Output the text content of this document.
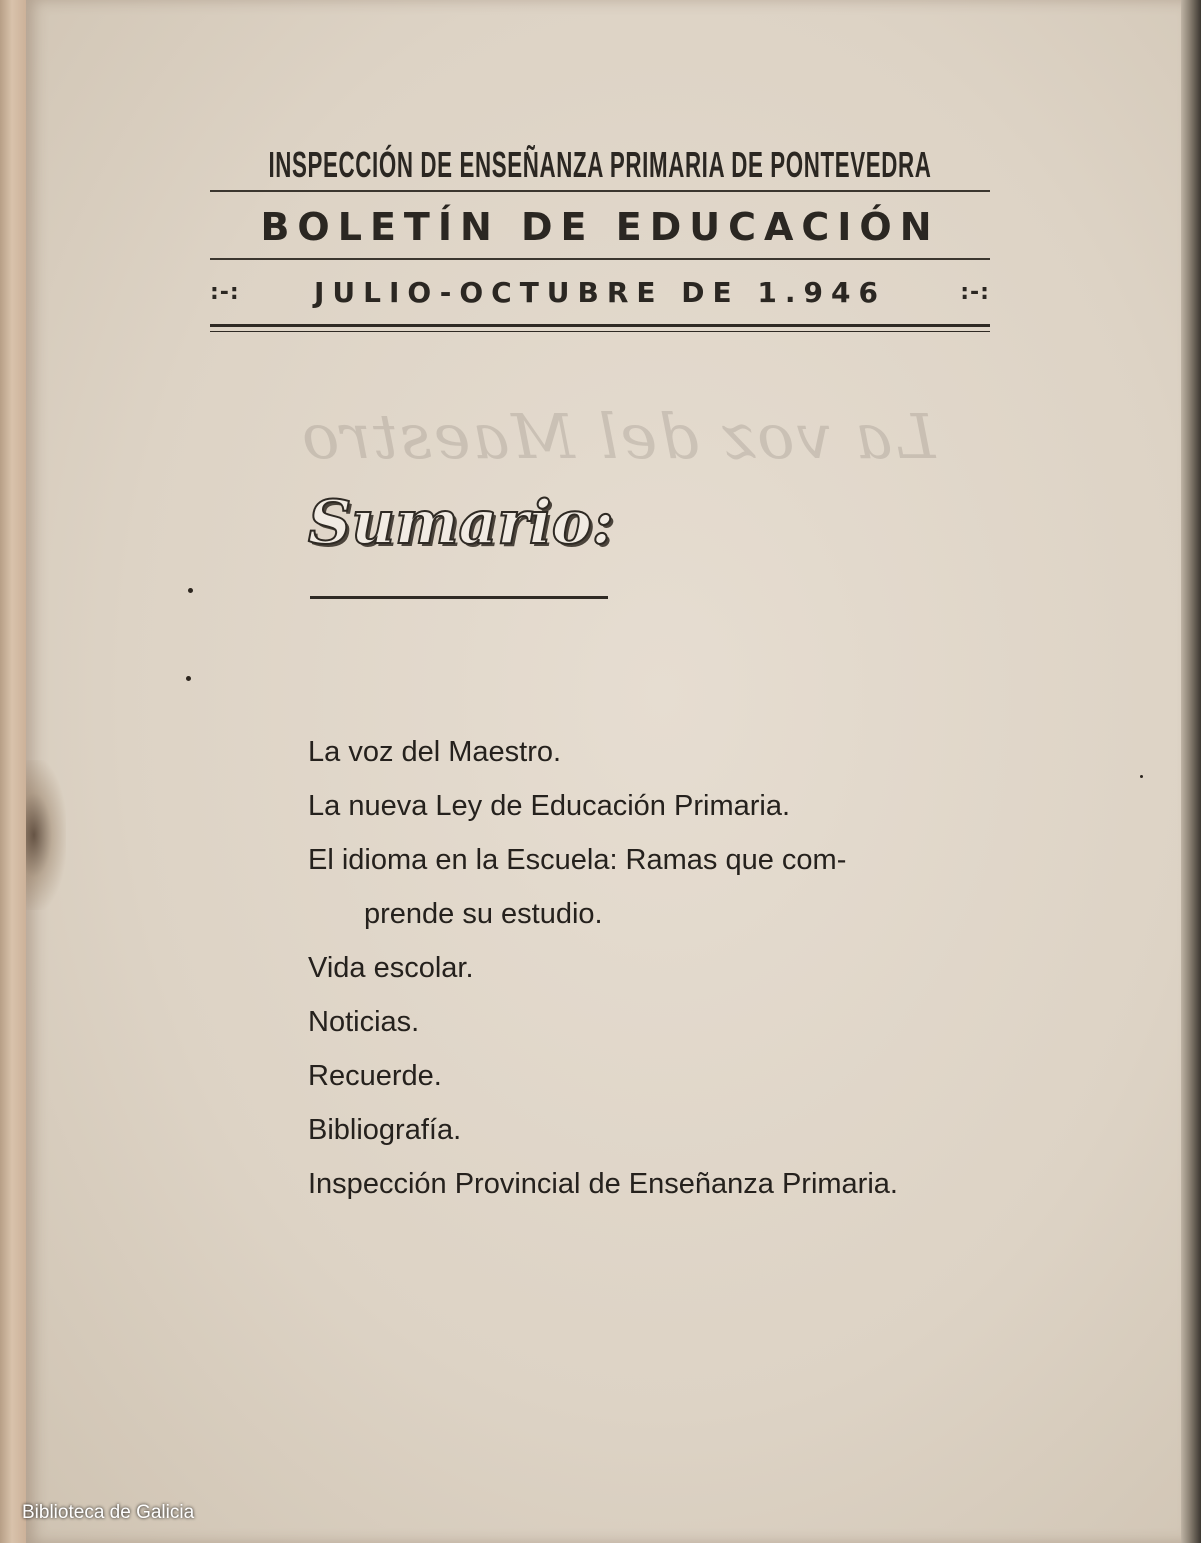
La voz del Maestro
INSPECCIÓN DE ENSEÑANZA PRIMARIA DE PONTEVEDRA
BOLETÍN DE EDUCACIÓN
:-:	JULIO-OCTUBRE DE 1.946	:-:
Sumario:
La voz del Maestro.
La nueva Ley de Educación Primaria.
El idioma en la Escuela: Ramas que com-
prende su estudio.
Vida escolar.
Noticias.
Recuerde.
Bibliografía.
Inspección Provincial de Enseñanza Primaria.
Biblioteca de Galicia
